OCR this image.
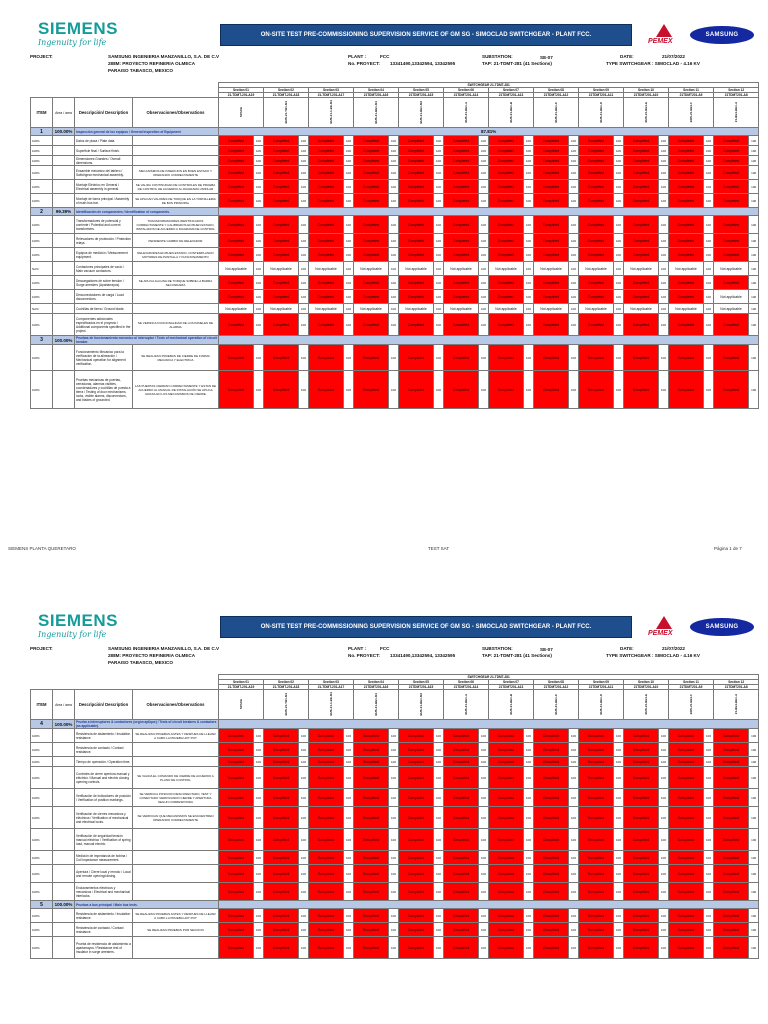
SIEMENS
Ingenuity for life
ON-SITE TEST PRE-COMMISSIONING SUPERVISION SERVICE OF GM SG - SIMOCLAD SWITCHGEAR - PLANT FCC.
PEMEX
SAMSUNG
PROJECT:	SAMSUNG INGENIERIA MANZANILLO, S.A. DE C.V
288M: PROYECTO REFINERIA OLMECA
PARAISO TABASCO, MEXICO
PLANT :	FCC
No. PROYECT: 13341490,13342594, 13342595
SUBSTATION:	SE-07
TAP: 21-TDMT-281 (41 Sections)
DATE:	21/07/2022
TYPE SWITCHGEAR : SIMOCLAD - 4.16 KV
				SWITCHGEAR 21-TDMT-281																							
				Section 01		Section 02		Section 03		Section 04		Section 05		Section 06		Section 07		Section 08		Section 09		Section 10		Section 11		Section 12	
				21-TDMT-201-A19		21-TDMT-201-A18		21-TDMT-201-A17		21TDMT201-A16		21TDMT201-A15		21TDMT201-A14		21TDMT201-A13		21TDMT201-A12		21TDMT201-A11		21TDMT201-A10		21TDMT201-A9		21TDMT201-A8	
ITEM	Area / area	Descripción/ Description	Observaciones/Observations	SPACE		BUS-21-TB1-M1		BUS-21-1-BE-M1		BUS-21-BE1-M1		BUS-21-BE1-M2		BUS-21-BE1-A		BUS-21-BE1-B		BUS-21-BE1-C		BUS-21-BE1-D		BUS-21-BE1-E		BUS-21-BE1-F		21-BE1-BE1-A	
1	100.00%	Inspección general de los equipos / General Inspection of Equipment		87.81%																							
100%		Datos de placa / Plate data.		Completed	100	Completed	100	Completed	100	Completed	100	Completed	100	Completed	100	Completed	100	Completed	100	Completed	100	Completed	100	Completed	100	Completed	100
100%		Superficie final / Surface finish.		Completed	100	Completed	100	Completed	100	Completed	100	Completed	100	Completed	100	Completed	100	Completed	100	Completed	100	Completed	100	Completed	100	Completed	100
100%		Dimensiones Grandes / Overall dimensions.		Completed	100	Completed	100	Completed	100	Completed	100	Completed	100	Completed	100	Completed	100	Completed	100	Completed	100	Completed	100	Completed	100	Completed	100
100%		Ensamble mecanico del tablero / Switchgear mechanical assembly.	MECANISMOS DE INSERCION EN BUEN ESTADO Y OPERANDO CORRECTAMENTE	Completed	100	Completed	100	Completed	100	Completed	100	Completed	100	Completed	100	Completed	100	Completed	100	Completed	100	Completed	100	Completed	100	Completed	100
100%		Montaje Eléctrico en General / Electrical assembly in general.	SE VALIDA CONTINUIDAD DE CONTROLES DE PRUEBA DE CONTROL DE ACUERDO AL DIAGRAMA UNIFILAR	Completed	100	Completed	100	Completed	100	Completed	100	Completed	100	Completed	100	Completed	100	Completed	100	Completed	100	Completed	100	Completed	100	Completed	100
100%		Montaje de barra principal / Assembly of main bus bar.	SE APLICAN VALORES DE TORQUE EN LA TORNILLERIA DE BUS PRINCIPAL	Completed	100	Completed	100	Completed	100	Completed	100	Completed	100	Completed	100	Completed	100	Completed	100	Completed	100	Completed	100	Completed	100	Completed	100
2	99.39%	Identificación de componentes / Identification of components.																									
100%		Transformadores de potencial y corriente / Potential and current transformers.	TRANSFORMADORES IDENTIFICADOS CORRECTAMENTE Y CALIBRADOS EN BUEN ESTADO, INSTALADOS DE ACUERDO A DIAGRAMA DE CONTROL	Completed	100	Completed	100	Completed	100	Completed	100	Completed	100	Completed	100	Completed	100	Completed	100	Completed	100	Completed	100	Completed	100	Completed	100
100%		Relevadores de protección / Protection relays.	PENDIENTE CAMBIO DE RELEVADOR	Completed	100	Completed	100	Completed	100	Completed	100	Completed	100	Completed	100	Completed	100	Completed	100	Completed	100	Completed	100	Completed	100	Completed	100
100%		Equipos de medición / Measurement equipment.	RELEVADORES EN BUEN ESTADO, CONTEMPLANDO MOTORES DE PANTALLA Y FUNCIONAMIENTO	Completed	100	Completed	100	Completed	100	Completed	100	Completed	100	Completed	100	Completed	100	Completed	100	Completed	100	Completed	100	Completed	100	Completed	100
NA%		Contactores principales de vacío / Main vacuum contactors.		Not applicable	100	Not applicable	100	Not applicable	100	Not applicable	100	Not applicable	100	Not applicable	100	Not applicable	100	Not applicable	100	Not applicable	100	Not applicable	100	Not applicable	100	Not applicable	100
100%		Descargadores de sobre tension / Surge arresters (Apartarrayos).	SE APLICA ALGUNA DE TORQUE SOBRE LA BARRA SECUNDARIA	Completed	100	Completed	100	Completed	100	Completed	100	Completed	100	Completed	100	Completed	100	Completed	100	Completed	100	Completed	100	Completed	100	Completed	100
100%		Desconectadores de carga / Load disconnectors.		Completed	100	Completed	100	Completed	100	Completed	100	Completed	100	Completed	100	Completed	100	Completed	100	Completed	100	Completed	100	Completed	100	Not applicable	100
NA%		Cuchillas de tierra / Ground blade.		Not applicable	100	Not applicable	100	Not applicable	100	Not applicable	100	Not applicable	100	Not applicable	100	Not applicable	100	Not applicable	100	Not applicable	100	Not applicable	100	Not applicable	100	Not applicable	100
100%		Componentes adicionales especificados en el proyecto / Additional components specified in the project.	SE VERIFICA FUNCIONALIDAD DE LOS PANELES DE ALARMA	Completed	100	Completed	100	Completed	100	Completed	100	Completed	100	Completed	100	Completed	100	Completed	100	Completed	100	Completed	100	Completed	100	Completed	100
3	100.00%	Pruebas de funcionamiento mecanico al interruptor / Tests of mechanical operation of circuit breaker.																									
100%		Funcionamiento Mecanico para la verificación de la alineación / Mechanical operation for alignment verification.	SE REALIZAN PRUEBAS DE CIERRE DE FORMA MECANICA Y ELECTRICA	Completed	100	Completed	100	Completed	100	Completed	100	Completed	100	Completed	100	Completed	100	Completed	100	Completed	100	Completed	100	Completed	100	Completed	100
100%		Pruebas mecanicas de puertas, cerraduras, alarmas visibles, coordenadores y cuchillas de puesta a tierra / Testing of door mechanisms, locks, visible alarms, disconnectors, and blades of grounded.	LAS PUERTAS CIERRAN CORRECTAMENTE Y ESTAN DE ACUERDO AL MANUAL DE INSTALACIÓN SE APLICA GRASA EN LOS MECANISMOS DE CIERRE	Completed	100	Completed	100	Completed	100	Completed	100	Completed	100	Completed	100	Completed	100	Completed	100	Completed	100	Completed	100	Completed	100	Completed	100
SIEMENS PLANTA QUERETARO	TEST SAT	Página 1 de 7
SIEMENS
Ingenuity for life
ON-SITE TEST PRE-COMMISSIONING SUPERVISION SERVICE OF GM SG - SIMOCLAD SWITCHGEAR - PLANT FCC.
PEMEX
SAMSUNG
PROJECT:	SAMSUNG INGENIERIA MANZANILLO, S.A. DE C.V
288M: PROYECTO REFINERIA OLMECA
PARAISO TABASCO, MEXICO
PLANT :	FCC
No. PROYECT: 13341490,13342594, 13342595
SUBSTATION:	SE-07
TAP: 21-TDMT-281 (41 Sections)
DATE:	21/07/2022
TYPE SWITCHGEAR : SIMOCLAD - 4.16 KV
				SWITCHGEAR 21-TDMT-281																							
				Section 01		Section 02		Section 03		Section 04		Section 05		Section 06		Section 07		Section 08		Section 09		Section 10		Section 11		Section 12	
				21-TDMT-201-A19		21-TDMT-201-A18		21-TDMT-201-A17		21TDMT201-A16		21TDMT201-A15		21TDMT201-A14		21TDMT201-A13		21TDMT201-A12		21TDMT201-A11		21TDMT201-A10		21TDMT201-A9		21TDMT201-A8	
ITEM	Area / area	Descripción/ Description	Observaciones/Observations	SPACE		BUS-21-TB1-M1		BUS-21-1-BE-M1		BUS-21-BE1-M1		BUS-21-BE1-M2		BUS-21-BE1-A		BUS-21-BE1-B		BUS-21-BE1-C		BUS-21-BE1-D		BUS-21-BE1-E		BUS-21-BE1-F		21-BE1-BE1-A	
4	100.00%	Prueba a interruptores & contactores (según aplique) / Tests of circuit breakers & contactors (as applicable).																									
100%		Resistencia de aislamiento / Insulation resistance.	SE REALIZAN PRUEBAS ANTES Y DESPUES DE LLEVAR A CABO LA PRUEBA HOT POT	Completed	100	Completed	100	Completed	100	Completed	100	Completed	100	Completed	100	Completed	100	Completed	100	Completed	100	Completed	100	Completed	100	Completed	100
100%		Resistencia de contacto / Contact resistance.		Completed	100	Completed	100	Completed	100	Completed	100	Completed	100	Completed	100	Completed	100	Completed	100	Completed	100	Completed	100	Completed	100	Completed	100
100%		Tiempo de operación / Operation time.		Completed	100	Completed	100	Completed	100	Completed	100	Completed	100	Completed	100	Completed	100	Completed	100	Completed	100	Completed	100	Completed	100	Completed	100
100%		Controles de cierre apertura manual y eléctrico / Manual and electric closing opening controls.	SE VALIDA EL COMANDO DE CIERRE DE ACUERDO A PLANO DE CONTROL	Completed	100	Completed	100	Completed	100	Completed	100	Completed	100	Completed	100	Completed	100	Completed	100	Completed	100	Completed	100	Completed	100	Completed	100
100%		Verificación de indicadores de posición / Verification of position markings.	SE VERIFICA POSICION DESCONECTADO, TEST Y CONECTADO VERIFICANDO CIERRE Y APERTURA SEGUN CORRESPONDA	Completed	100	Completed	100	Completed	100	Completed	100	Completed	100	Completed	100	Completed	100	Completed	100	Completed	100	Completed	100	Completed	100	Completed	100
100%		Verificación de cierres mecanicos y eléctricos / Verification of mechanical and electrical locks.	SE VERIFICAN QUE MECANISMOS SE ENCUENTREN OPERANDO CORRECTAMENTE	Completed	100	Completed	100	Completed	100	Completed	100	Completed	100	Completed	100	Completed	100	Completed	100	Completed	100	Completed	100	Completed	100	Completed	100
100%		Verificación de seguridad tensión manual eléctrico / Verification of spring load, manual electric.		Completed	100	Completed	100	Completed	100	Completed	100	Completed	100	Completed	100	Completed	100	Completed	100	Completed	100	Completed	100	Completed	100	Completed	100
100%		Medición de impedancia de bobina / Coil impedance measurement.		Completed	100	Completed	100	Completed	100	Completed	100	Completed	100	Completed	100	Completed	100	Completed	100	Completed	100	Completed	100	Completed	100	Completed	100
100%		Apertura / Cierre local y remoto / Local and remote opening/closing.		Completed	100	Completed	100	Completed	100	Completed	100	Completed	100	Completed	100	Completed	100	Completed	100	Completed	100	Completed	100	Completed	100	Completed	100
100%		Enclavamientos eléctricos y mecanicos / Electrical and mechanical interlocks.		Completed	100	Completed	100	Completed	100	Completed	100	Completed	100	Completed	100	Completed	100	Completed	100	Completed	100	Completed	100	Completed	100	Completed	100
5	100.00%	Pruebas a bus principal / Main bus tests.																									
100%		Resistencia de aislamiento / Insulation resistance.	SE REALIZAN PRUEBAS ANTES Y DESPUES DE LLEVAR A CABO LA PRUEBA HOT POT	Completed	100	Completed	100	Completed	100	Completed	100	Completed	100	Completed	100	Completed	100	Completed	100	Completed	100	Completed	100	Completed	100	Completed	100
100%		Resistencia de contacto / Contact resistance.	SE REALIZAN PRUEBAS POR SECCION	Completed	100	Completed	100	Completed	100	Completed	100	Completed	100	Completed	100	Completed	100	Completed	100	Completed	100	Completed	100	Completed	100	Completed	100
100%		Prueba de resistencia de aislamiento a apartarrayos / Resistance test of insulator in surge arresters.		Completed	100	Completed	100	Completed	100	Completed	100	Completed	100	Completed	100	Completed	100	Completed	100	Completed	100	Completed	100	Completed	100	Completed	100
